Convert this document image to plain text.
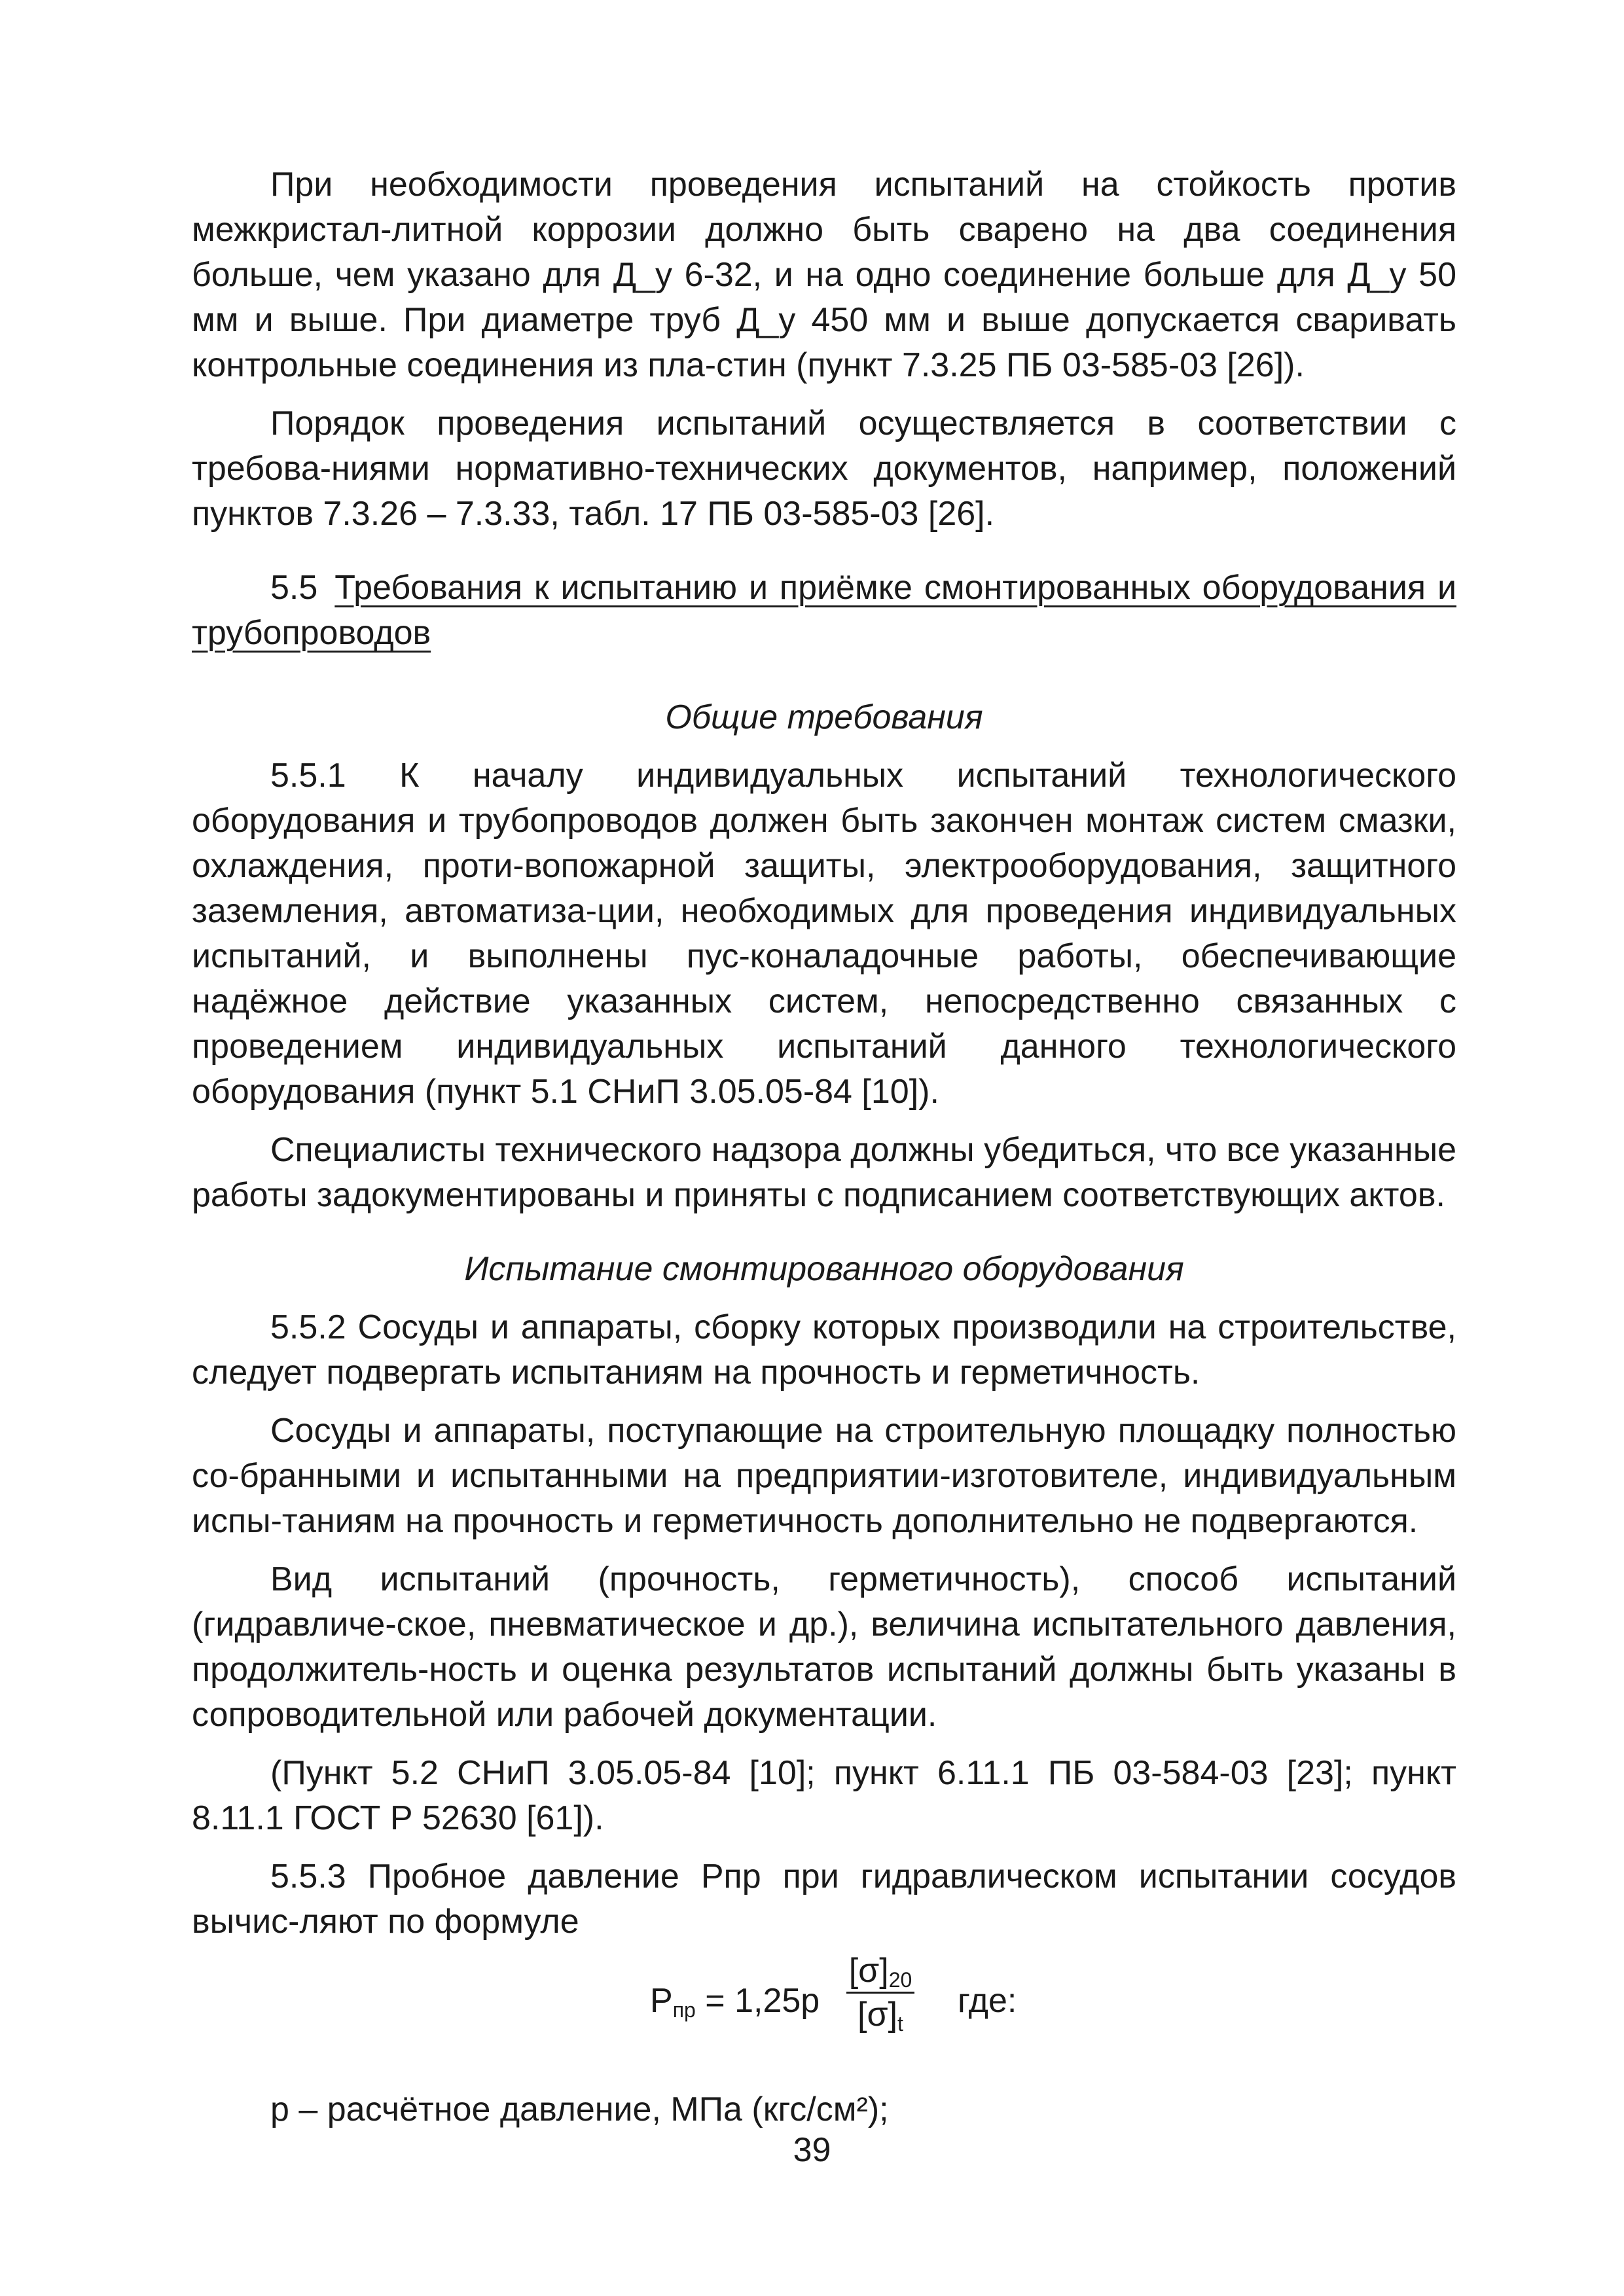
При необходимости проведения испытаний на стойкость против межкристал-литной коррозии должно быть сварено на два соединения больше, чем указано для Д_у 6-32, и на одно соединение больше для Д_у 50 мм и выше. При диаметре труб Д_у 450 мм и выше допускается сваривать контрольные соединения из пла-стин (пункт 7.3.25 ПБ 03-585-03 [26]).

Порядок проведения испытаний осуществляется в соответствии с требова-ниями нормативно-технических документов, например, положений пунктов 7.3.26 – 7.3.33, табл. 17 ПБ 03-585-03 [26].

5.5 Требования к испытанию и приёмке смонтированных оборудования и трубопроводов

Общие требования

5.5.1 К началу индивидуальных испытаний технологического оборудования и трубопроводов должен быть закончен монтаж систем смазки, охлаждения, проти-вопожарной защиты, электрооборудования, защитного заземления, автоматиза-ции, необходимых для проведения индивидуальных испытаний, и выполнены пус-коналадочные работы, обеспечивающие надёжное действие указанных систем, непосредственно связанных с проведением индивидуальных испытаний данного технологического оборудования (пункт 5.1 СНиП 3.05.05-84 [10]).

Специалисты технического надзора должны убедиться, что все указанные работы задокументированы и приняты с подписанием соответствующих актов.

Испытание смонтированного оборудования

5.5.2 Сосуды и аппараты, сборку которых производили на строительстве, следует подвергать испытаниям на прочность и герметичность.

Сосуды и аппараты, поступающие на строительную площадку полностью со-бранными и испытанными на предприятии-изготовителе, индивидуальным испы-таниям на прочность и герметичность дополнительно не подвергаются.

Вид испытаний (прочность, герметичность), способ испытаний (гидравличе-ское, пневматическое и др.), величина испытательного давления, продолжитель-ность и оценка результатов испытаний должны быть указаны в сопроводительной или рабочей документации.

(Пункт 5.2 СНиП 3.05.05-84 [10]; пункт 6.11.1 ПБ 03-584-03 [23]; пункт 8.11.1 ГОСТ Р 52630 [61]).

5.5.3 Пробное давление Рпр при гидравлическом испытании сосудов вычис-ляют по формуле

$Р_{пр} = 1,25р$
$[\sigma]_{20}$
$[\sigma]_t$
где:

р – расчётное давление, МПа (кгс/см²);

39
